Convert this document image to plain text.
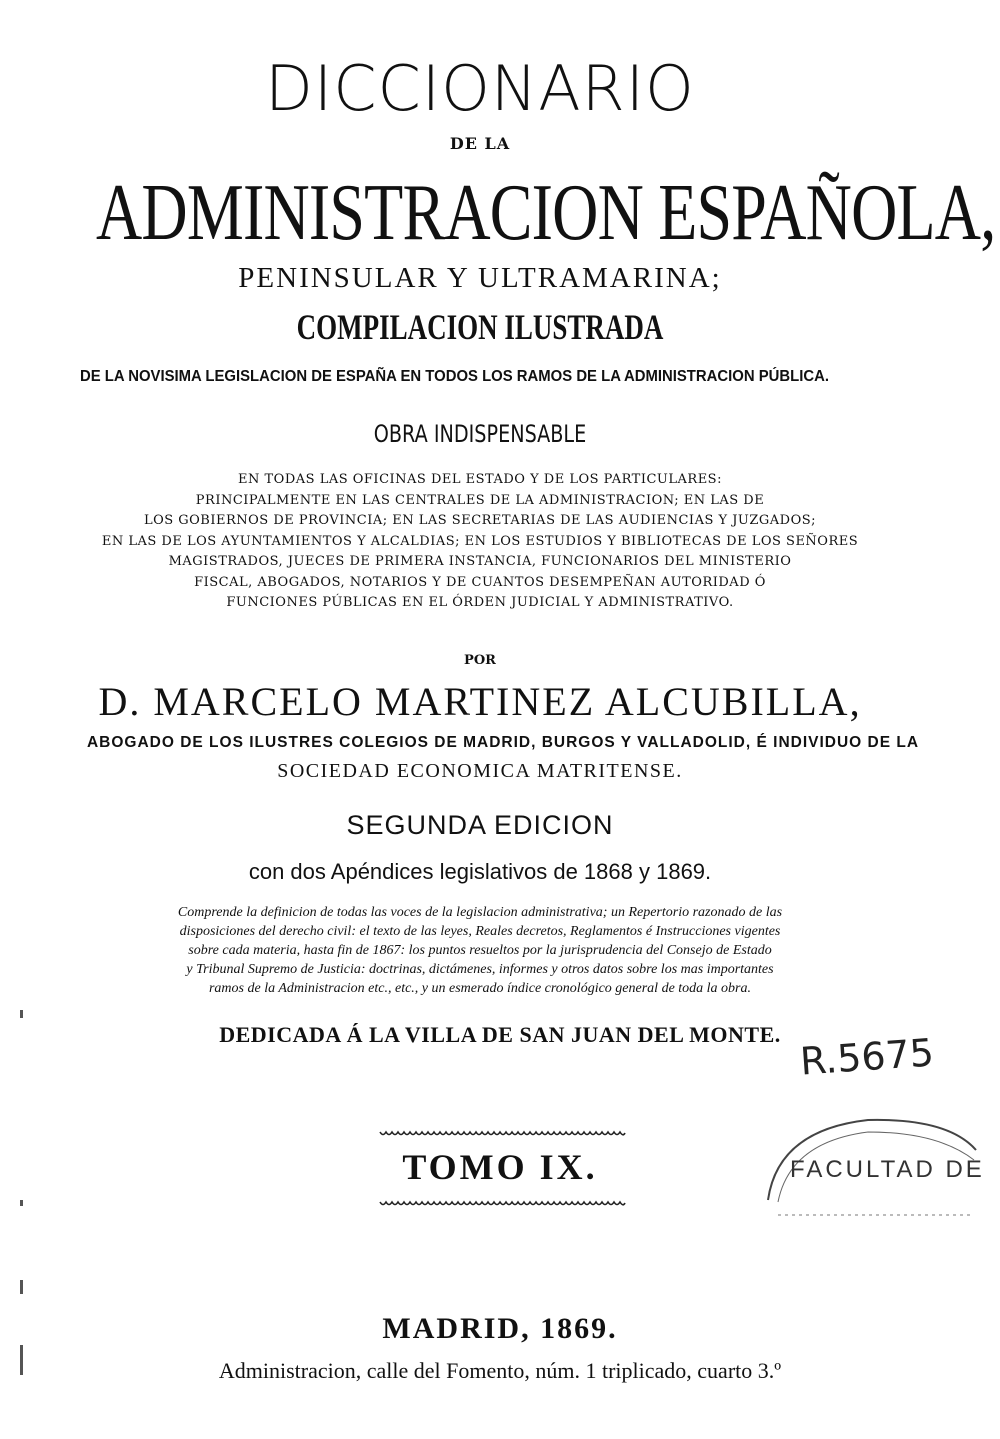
DICCIONARIO
DE LA
ADMINISTRACION ESPAÑOLA,
PENINSULAR Y ULTRAMARINA;
COMPILACION ILUSTRADA
DE LA NOVISIMA LEGISLACION DE ESPAÑA EN TODOS LOS RAMOS DE LA ADMINISTRACION PÚBLICA.
OBRA INDISPENSABLE
EN TODAS LAS OFICINAS DEL ESTADO Y DE LOS PARTICULARES:
PRINCIPALMENTE EN LAS CENTRALES DE LA ADMINISTRACION; EN LAS DE
LOS GOBIERNOS DE PROVINCIA; EN LAS SECRETARIAS DE LAS AUDIENCIAS Y JUZGADOS;
EN LAS DE LOS AYUNTAMIENTOS Y ALCALDIAS; EN LOS ESTUDIOS Y BIBLIOTECAS DE LOS SEÑORES
MAGISTRADOS, JUECES DE PRIMERA INSTANCIA, FUNCIONARIOS DEL MINISTERIO
FISCAL, ABOGADOS, NOTARIOS Y DE CUANTOS DESEMPEÑAN AUTORIDAD Ó
FUNCIONES PÚBLICAS EN EL ÓRDEN JUDICIAL Y ADMINISTRATIVO.
POR
D. MARCELO MARTINEZ ALCUBILLA,
ABOGADO DE LOS ILUSTRES COLEGIOS DE MADRID, BURGOS Y VALLADOLID, É INDIVIDUO DE LA
SOCIEDAD ECONOMICA MATRITENSE.
SEGUNDA EDICION
con dos Apéndices legislativos de 1868 y 1869.
Comprende la definicion de todas las voces de la legislacion administrativa; un Repertorio razonado de las
disposiciones del derecho civil: el texto de las leyes, Reales decretos, Reglamentos é Instrucciones vigentes
sobre cada materia, hasta fin de 1867: los puntos resueltos por la jurisprudencia del Consejo de Estado
y Tribunal Supremo de Justicia: doctrinas, dictámenes, informes y otros datos sobre los mas importantes
ramos de la Administracion etc., etc., y un esmerado índice cronológico general de toda la obra.
DEDICADA Á LA VILLA DE SAN JUAN DEL MONTE.
TOMO IX.
MADRID, 1869.
Administracion, calle del Fomento, núm. 1 triplicado, cuarto 3.º
R.5675
FACULTAD DE
